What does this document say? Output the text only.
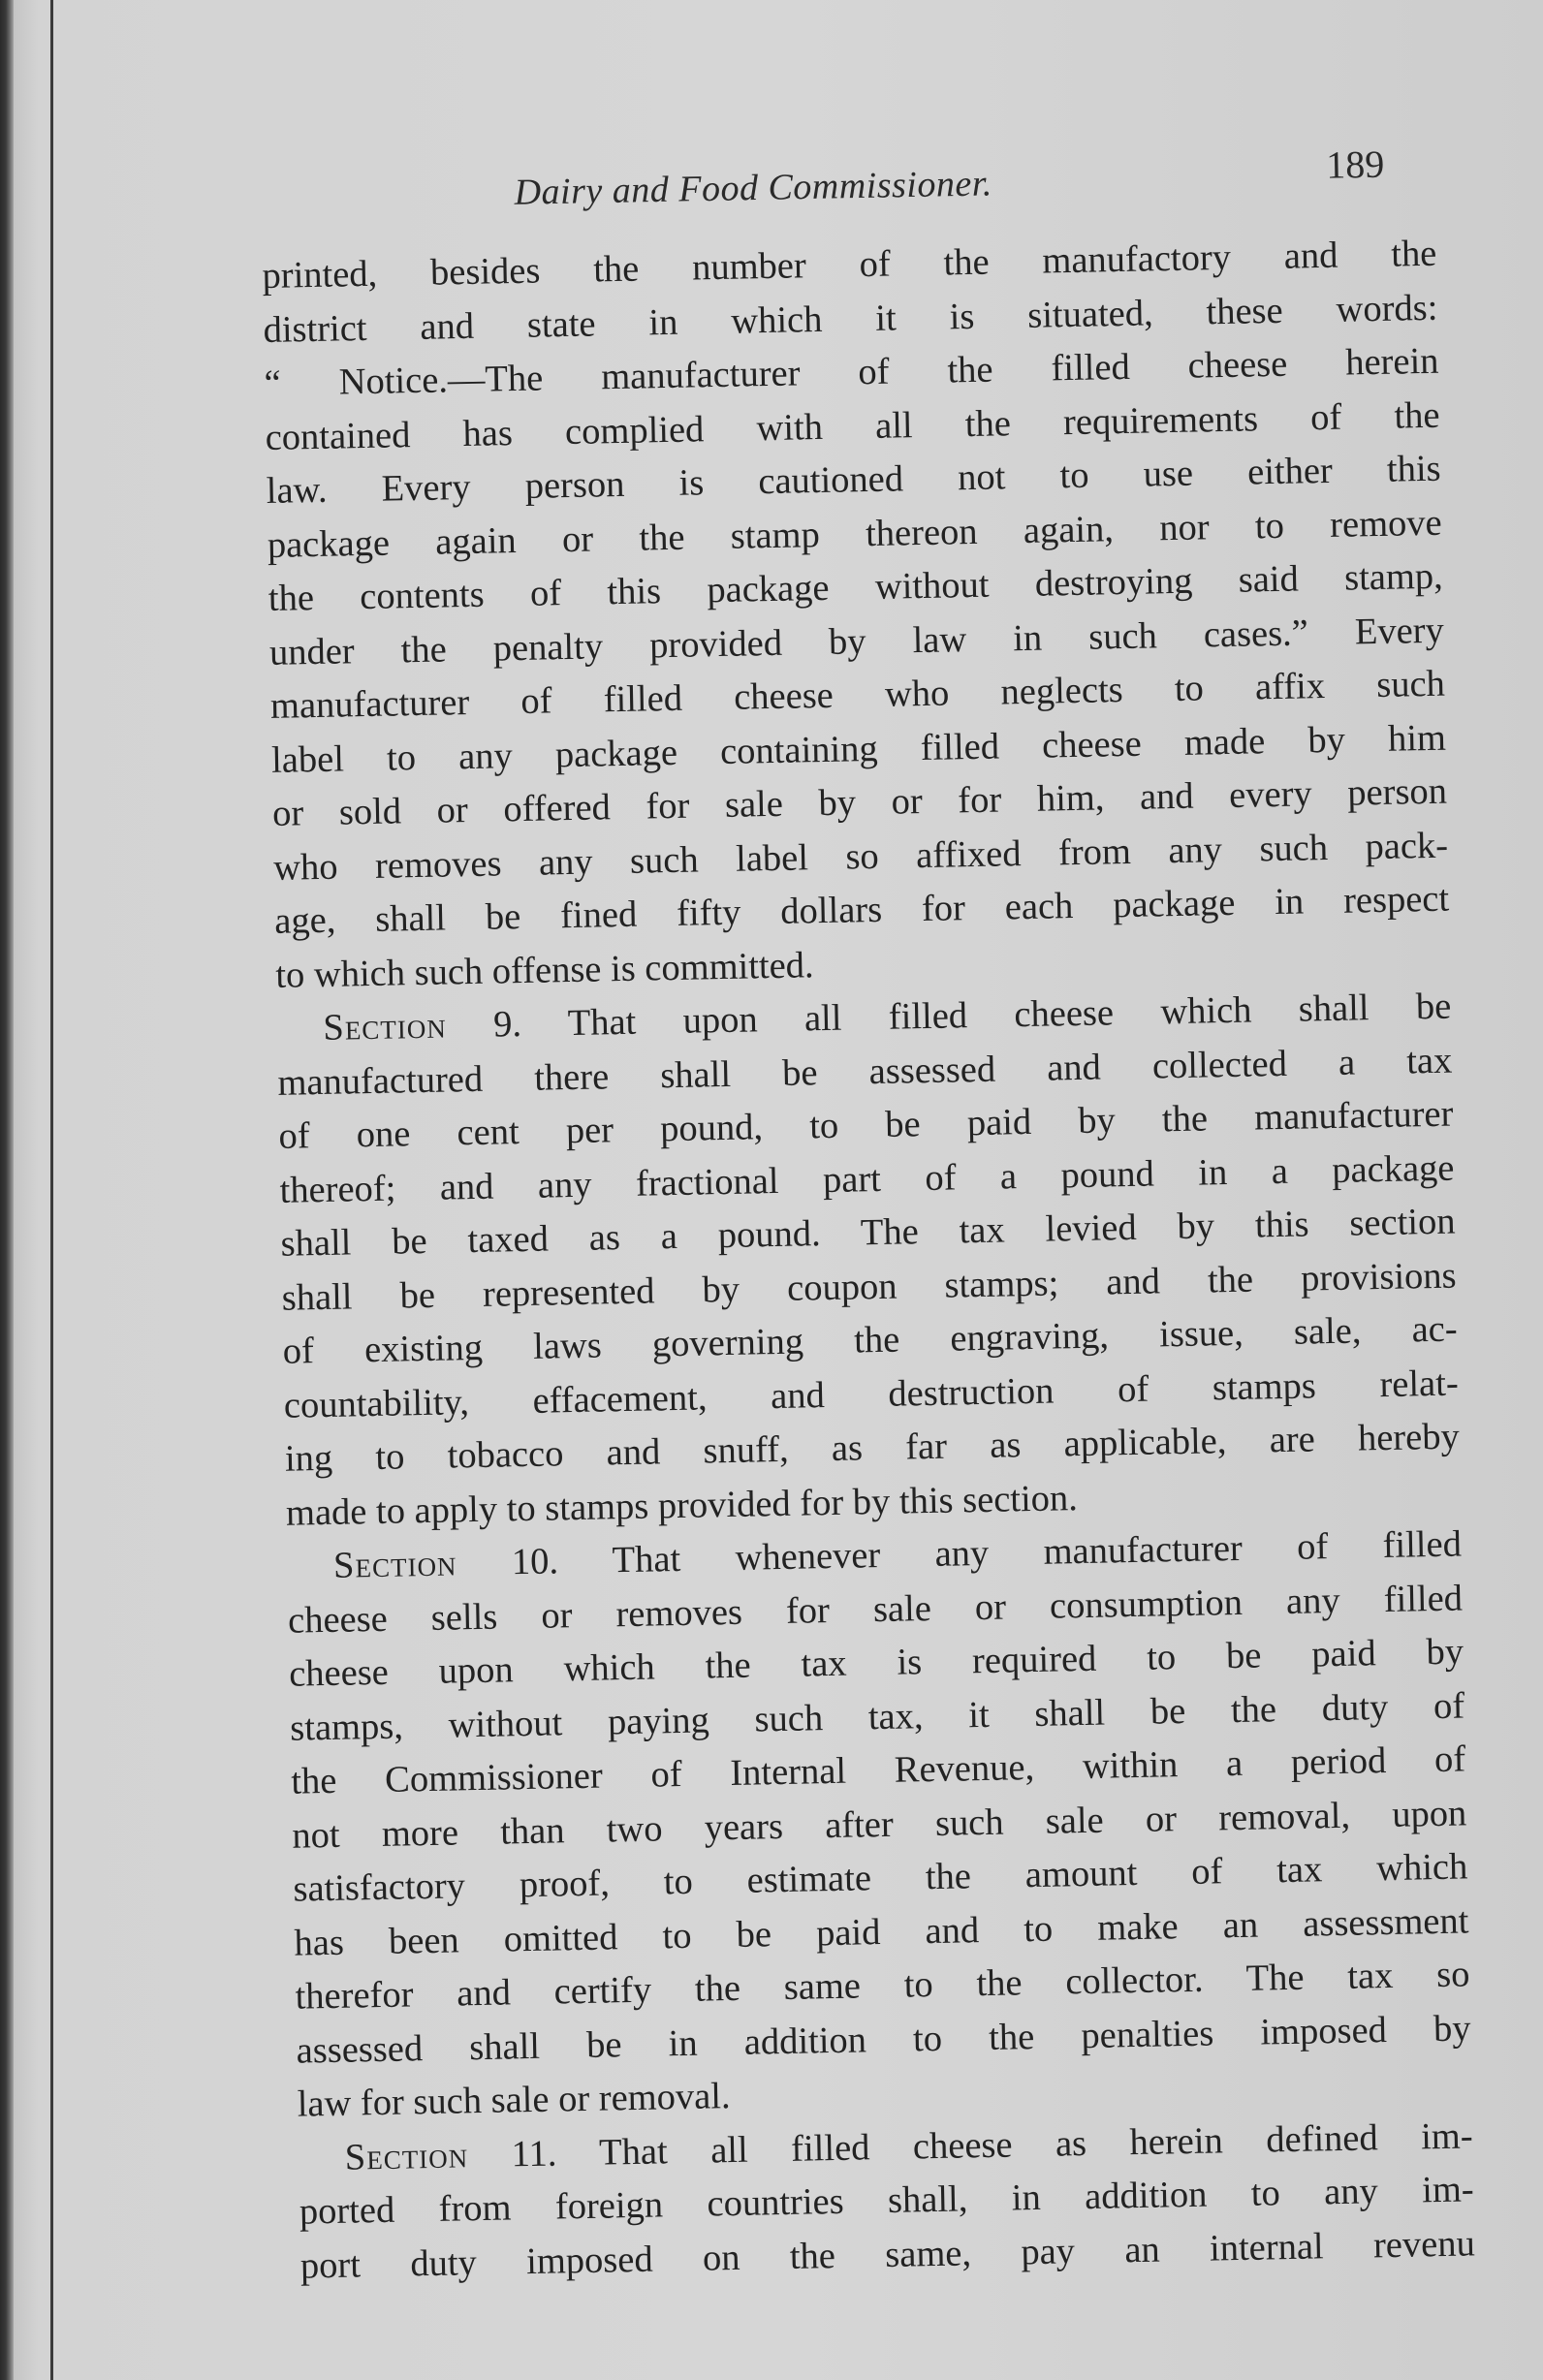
Dairy and Food Commissioner.	189
printed, besides the number of the manufactory and the
district and state in which it is situated, these words:
“ Notice.—The manufacturer of the filled cheese herein
contained has complied with all the requirements of the
law. Every person is cautioned not to use either this
package again or the stamp thereon again, nor to remove
the contents of this package without destroying said stamp,
under the penalty provided by law in such cases.” Every
manufacturer of filled cheese who neglects to affix such
label to any package containing filled cheese made by him
or sold or offered for sale by or for him, and every person
who removes any such label so affixed from any such pack-
age, shall be fined fifty dollars for each package in respect
to which such offense is committed.
Section 9. That upon all filled cheese which shall be
manufactured there shall be assessed and collected a tax
of one cent per pound, to be paid by the manufacturer
thereof; and any fractional part of a pound in a package
shall be taxed as a pound. The tax levied by this section
shall be represented by coupon stamps; and the provisions
of existing laws governing the engraving, issue, sale, ac-
countability, effacement, and destruction of stamps relat-
ing to tobacco and snuff, as far as applicable, are hereby
made to apply to stamps provided for by this section.
Section 10. That whenever any manufacturer of filled
cheese sells or removes for sale or consumption any filled
cheese upon which the tax is required to be paid by
stamps, without paying such tax, it shall be the duty of
the Commissioner of Internal Revenue, within a period of
not more than two years after such sale or removal, upon
satisfactory proof, to estimate the amount of tax which
has been omitted to be paid and to make an assessment
therefor and certify the same to the collector. The tax so
assessed shall be in addition to the penalties imposed by
law for such sale or removal.
Section 11. That all filled cheese as herein defined im-
ported from foreign countries shall, in addition to any im-
port duty imposed on the same, pay an internal revenu
